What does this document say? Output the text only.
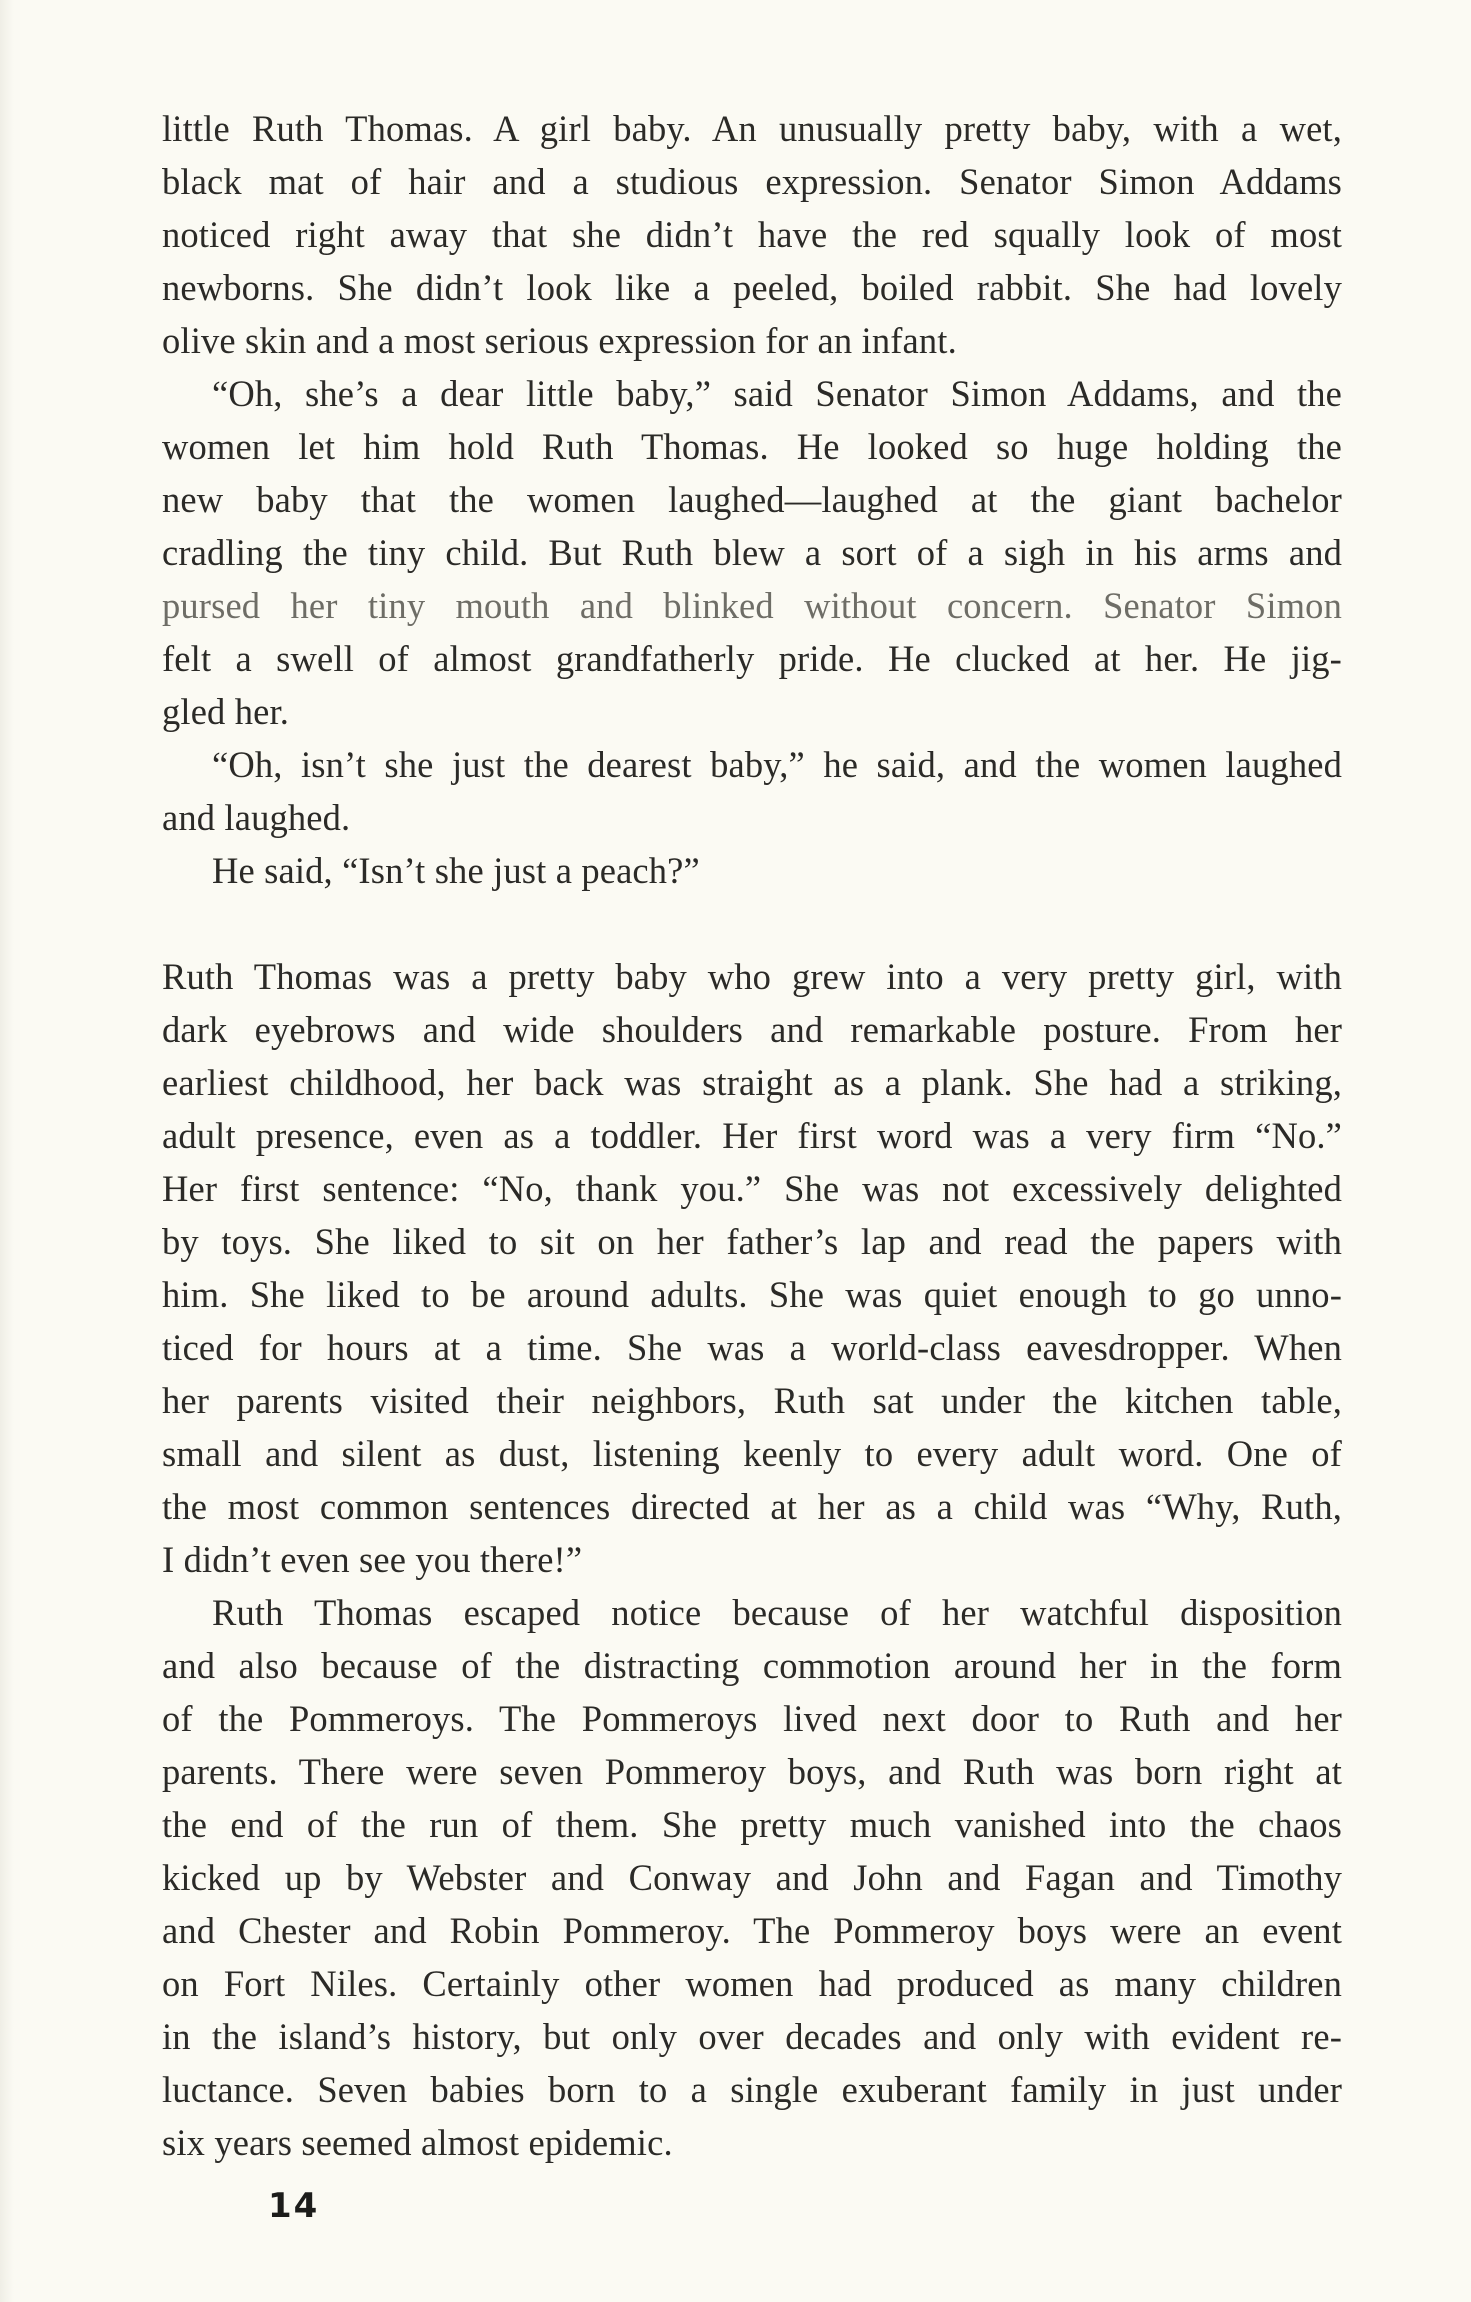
little Ruth Thomas. A girl baby. An unusually pretty baby, with a wet,

black mat of hair and a studious expression. Senator Simon Addams

noticed right away that she didn’t have the red squally look of most

newborns. She didn’t look like a peeled, boiled rabbit. She had lovely

olive skin and a most serious expression for an infant.

“Oh, she’s a dear little baby,” said Senator Simon Addams, and the

women let him hold Ruth Thomas. He looked so huge holding the

new baby that the women laughed—laughed at the giant bachelor

cradling the tiny child. But Ruth blew a sort of a sigh in his arms and

pursed her tiny mouth and blinked without concern. Senator Simon

felt a swell of almost grandfatherly pride. He clucked at her. He jig-

gled her.

“Oh, isn’t she just the dearest baby,” he said, and the women laughed

and laughed.

He said, “Isn’t she just a peach?”

Ruth Thomas was a pretty baby who grew into a very pretty girl, with

dark eyebrows and wide shoulders and remarkable posture. From her

earliest childhood, her back was straight as a plank. She had a striking,

adult presence, even as a toddler. Her first word was a very firm “No.”

Her first sentence: “No, thank you.” She was not excessively delighted

by toys. She liked to sit on her father’s lap and read the papers with

him. She liked to be around adults. She was quiet enough to go unno-

ticed for hours at a time. She was a world-class eavesdropper. When

her parents visited their neighbors, Ruth sat under the kitchen table,

small and silent as dust, listening keenly to every adult word. One of

the most common sentences directed at her as a child was “Why, Ruth,

I didn’t even see you there!”

Ruth Thomas escaped notice because of her watchful disposition

and also because of the distracting commotion around her in the form

of the Pommeroys. The Pommeroys lived next door to Ruth and her

parents. There were seven Pommeroy boys, and Ruth was born right at

the end of the run of them. She pretty much vanished into the chaos

kicked up by Webster and Conway and John and Fagan and Timothy

and Chester and Robin Pommeroy. The Pommeroy boys were an event

on Fort Niles. Certainly other women had produced as many children

in the island’s history, but only over decades and only with evident re-

luctance. Seven babies born to a single exuberant family in just under

six years seemed almost epidemic.

14
